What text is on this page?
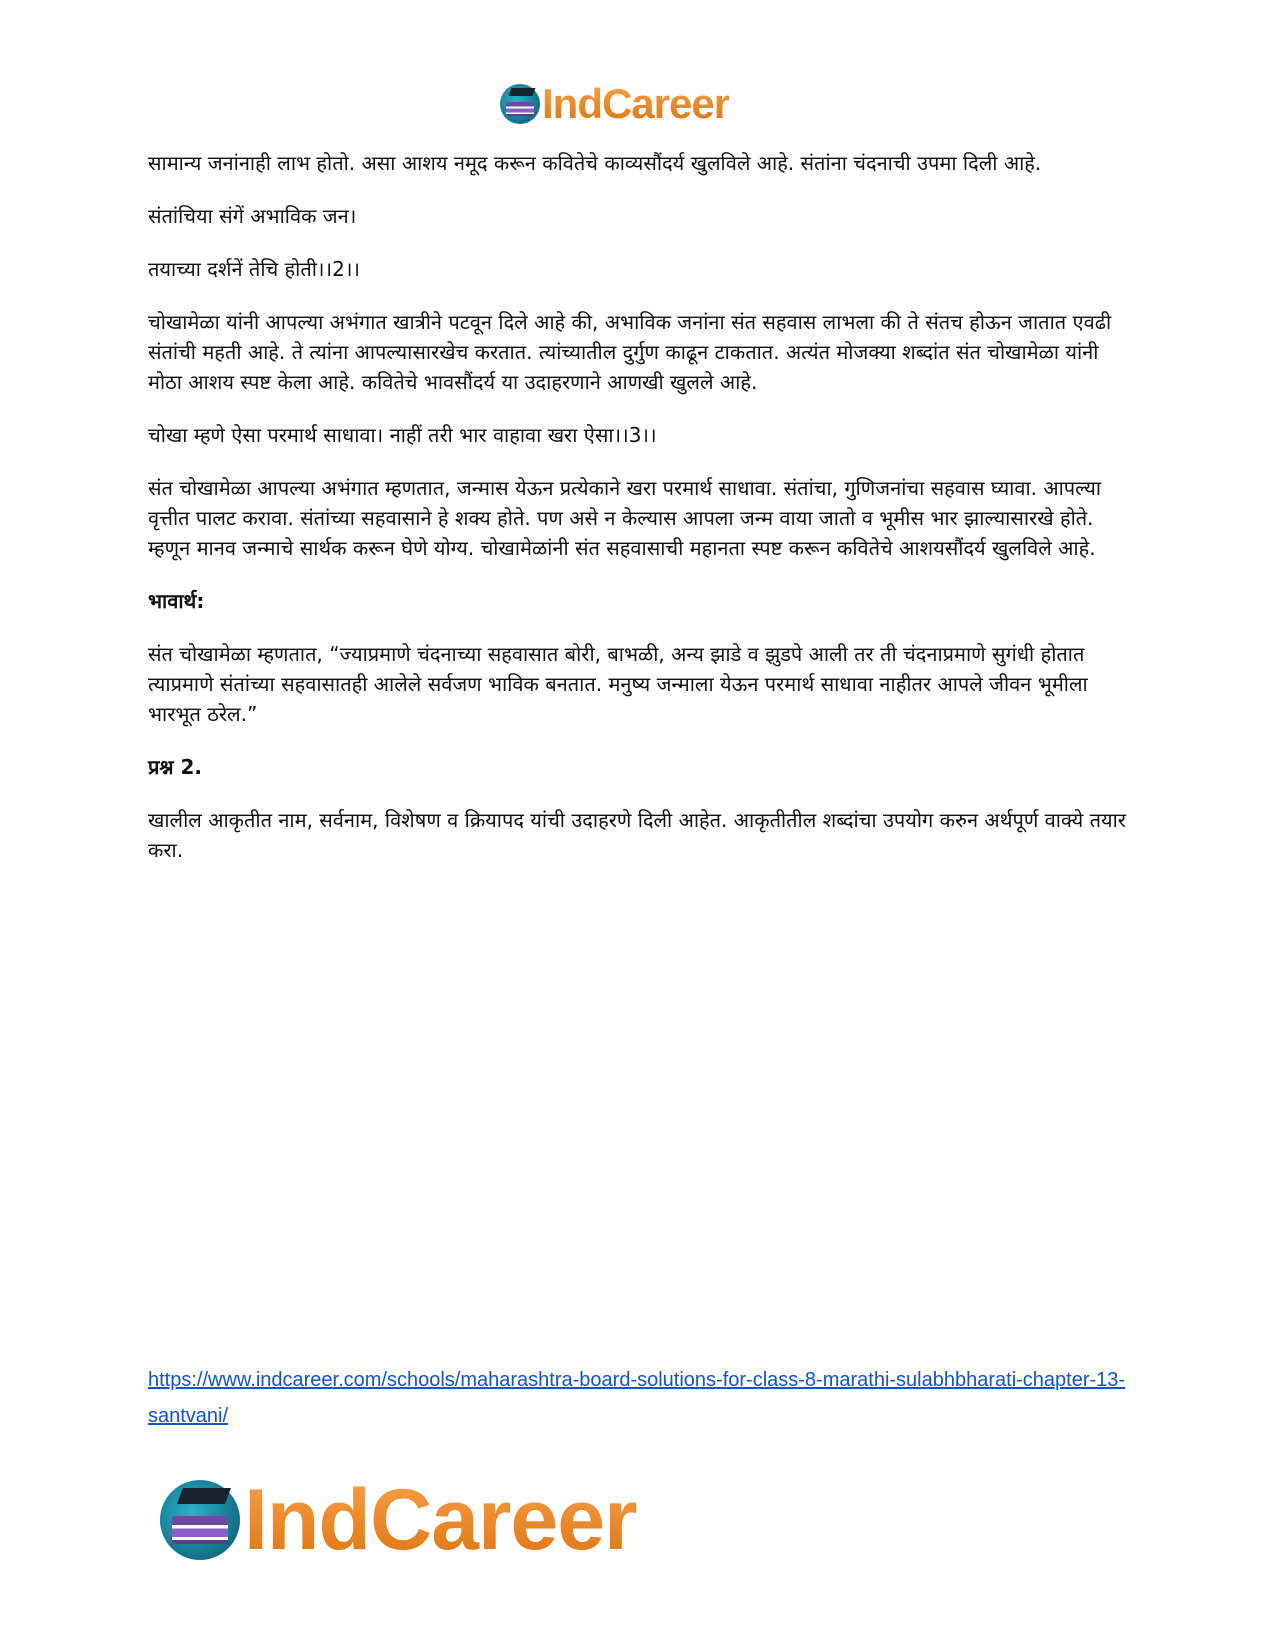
IndCareer

सामान्य जनांनाही लाभ होतो. असा आशय नमूद करून कवितेचे काव्यसौंदर्य खुलविले आहे. संतांना चंदनाची उपमा दिली आहे.

संतांचिया संगें अभाविक जन।

तयाच्या दर्शनें तेचि होती।।2।।

चोखामेळा यांनी आपल्या अभंगात खात्रीने पटवून दिले आहे की, अभाविक जनांना संत सहवास लाभला की ते संतच होऊन जातात एवढी संतांची महती आहे. ते त्यांना आपल्यासारखेच करतात. त्यांच्यातील दुर्गुण काढून टाकतात. अत्यंत मोजक्या शब्दांत संत चोखामेळा यांनी मोठा आशय स्पष्ट केला आहे. कवितेचे भावसौंदर्य या उदाहरणाने आणखी खुलले आहे.

चोखा म्हणे ऐसा परमार्थ साधावा। नाहीं तरी भार वाहावा खरा ऐसा।।3।।

संत चोखामेळा आपल्या अभंगात म्हणतात, जन्मास येऊन प्रत्येकाने खरा परमार्थ साधावा. संतांचा, गुणिजनांचा सहवास घ्यावा. आपल्या वृत्तीत पालट करावा. संतांच्या सहवासाने हे शक्य होते. पण असे न केल्यास आपला जन्म वाया जातो व भूमीस भार झाल्यासारखे होते. म्हणून मानव जन्माचे सार्थक करून घेणे योग्य. चोखामेळांनी संत सहवासाची महानता स्पष्ट करून कवितेचे आशयसौंदर्य खुलविले आहे.

भावार्थ:

संत चोखामेळा म्हणतात, “ज्याप्रमाणे चंदनाच्या सहवासात बोरी, बाभळी, अन्य झाडे व झुडपे आली तर ती चंदनाप्रमाणे सुगंधी होतात त्याप्रमाणे संतांच्या सहवासातही आलेले सर्वजण भाविक बनतात. मनुष्य जन्माला येऊन परमार्थ साधावा नाहीतर आपले जीवन भूमीला भारभूत ठरेल.”

प्रश्न 2.

खालील आकृतीत नाम, सर्वनाम, विशेषण व क्रियापद यांची उदाहरणे दिली आहेत. आकृतीतील शब्दांचा उपयोग करुन अर्थपूर्ण वाक्ये तयार करा.

https://www.indcareer.com/schools/maharashtra-board-solutions-for-class-8-marathi-sulabhbharati-chapter-13-santvani/
IndCareer
